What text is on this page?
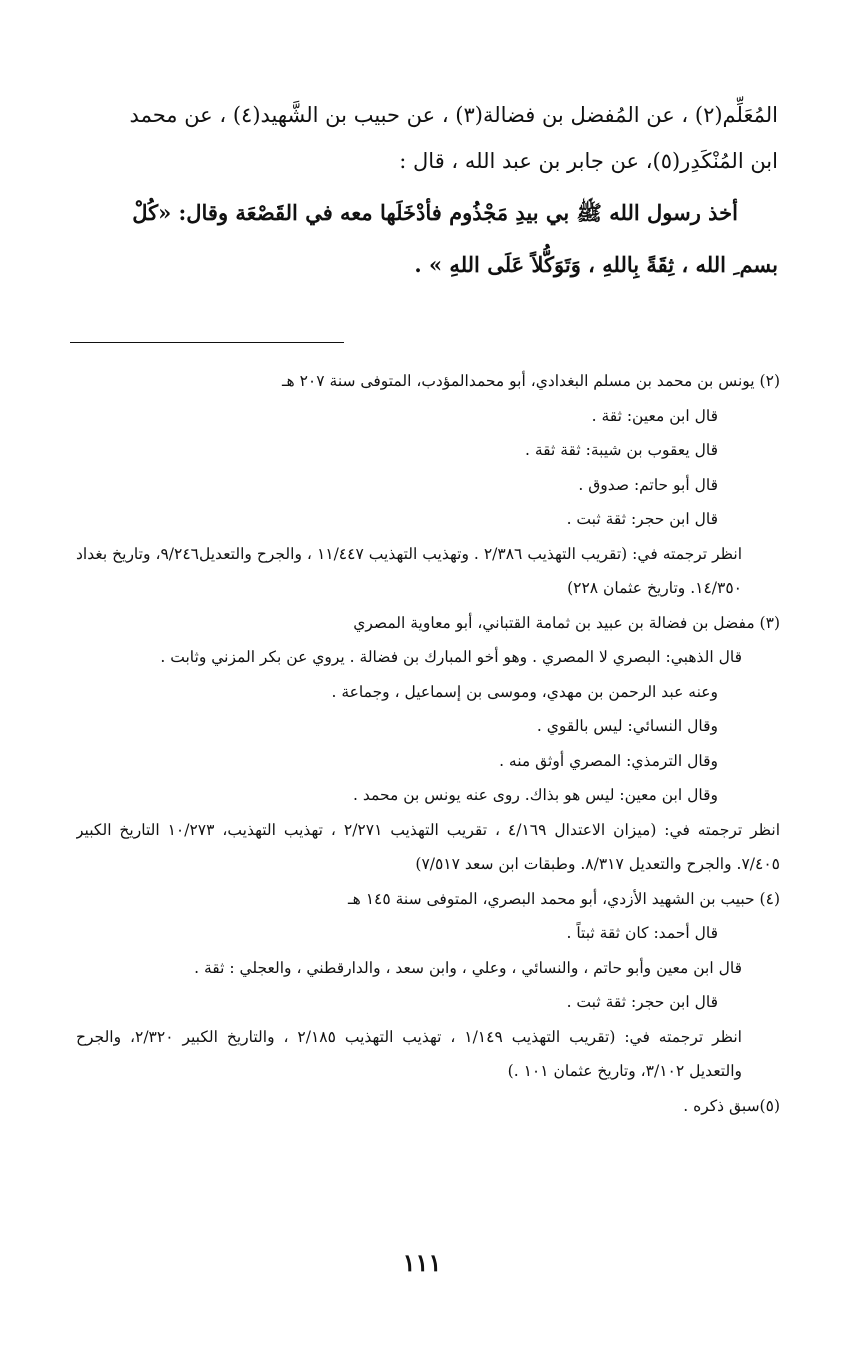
المُعَلِّم(٢) ، عن المُفضل بن فضالة(٣) ، عن حبيب بن الشَّهيد(٤) ، عن محمد

ابن المُنْكَدِر(٥)، عن جابر بن عبد الله ، قال :

أخذ رسول الله ﷺ بي بيدِ مَجْذُوم فأدْخَلَها معه في القَصْعَة وقال: «كُلْ

بسم ِ الله ، ثِقَةً بِاللهِ ، وَتَوَكُّلاً عَلَى اللهِ » .

(٢) يونس بن محمد بن مسلم البغدادي، أبو محمدالمؤدب، المتوفى سنة ٢٠٧ هـ

قال ابن معين: ثقة .

قال يعقوب بن شيبة: ثقة ثقة .

قال أبو حاتم: صدوق .

قال ابن حجر: ثقة ثبت .

انظر ترجمته في: (تقريب التهذيب ٢/٣٨٦ . وتهذيب التهذيب ١١/٤٤٧ ، والجرح والتعديل٩/٢٤٦، وتاريخ بغداد ١٤/٣٥٠. وتاريخ عثمان ٢٢٨)

(٣) مفضل بن فضالة بن عبيد بن ثمامة القتباني، أبو معاوية المصري

قال الذهبي: البصري لا المصري . وهو أخو المبارك بن فضالة . يروي عن بكر المزني وثابت .

وعنه عبد الرحمن بن مهدي، وموسى بن إسماعيل ، وجماعة .

وقال النسائي: ليس بالقوي .

وقال الترمذي: المصري أوثق منه .

وقال ابن معين: ليس هو بذاك. روى عنه يونس بن محمد .

انظر ترجمته في: (ميزان الاعتدال ٤/١٦٩ ، تقريب التهذيب ٢/٢٧١ ، تهذيب التهذيب، ١٠/٢٧٣ التاريخ الكبير ٧/٤٠٥. والجرح والتعديل ٨/٣١٧. وطبقات ابن سعد ٧/٥١٧)

(٤) حبيب بن الشهيد الأزدي، أبو محمد البصري، المتوفى سنة ١٤٥ هـ

قال أحمد: كان ثقة ثبتاً .

قال ابن معين وأبو حاتم ، والنسائي ، وعلي ، وابن سعد ، والدارقطني ، والعجلي : ثقة .

قال ابن حجر: ثقة ثبت .

انظر ترجمته في: (تقريب التهذيب ١/١٤٩ ، تهذيب التهذيب ٢/١٨٥ ، والتاريخ الكبير ٢/٣٢٠، والجرح والتعديل ٣/١٠٢، وتاريخ عثمان ١٠١ .)

(٥)سبق ذكره .

١١١
